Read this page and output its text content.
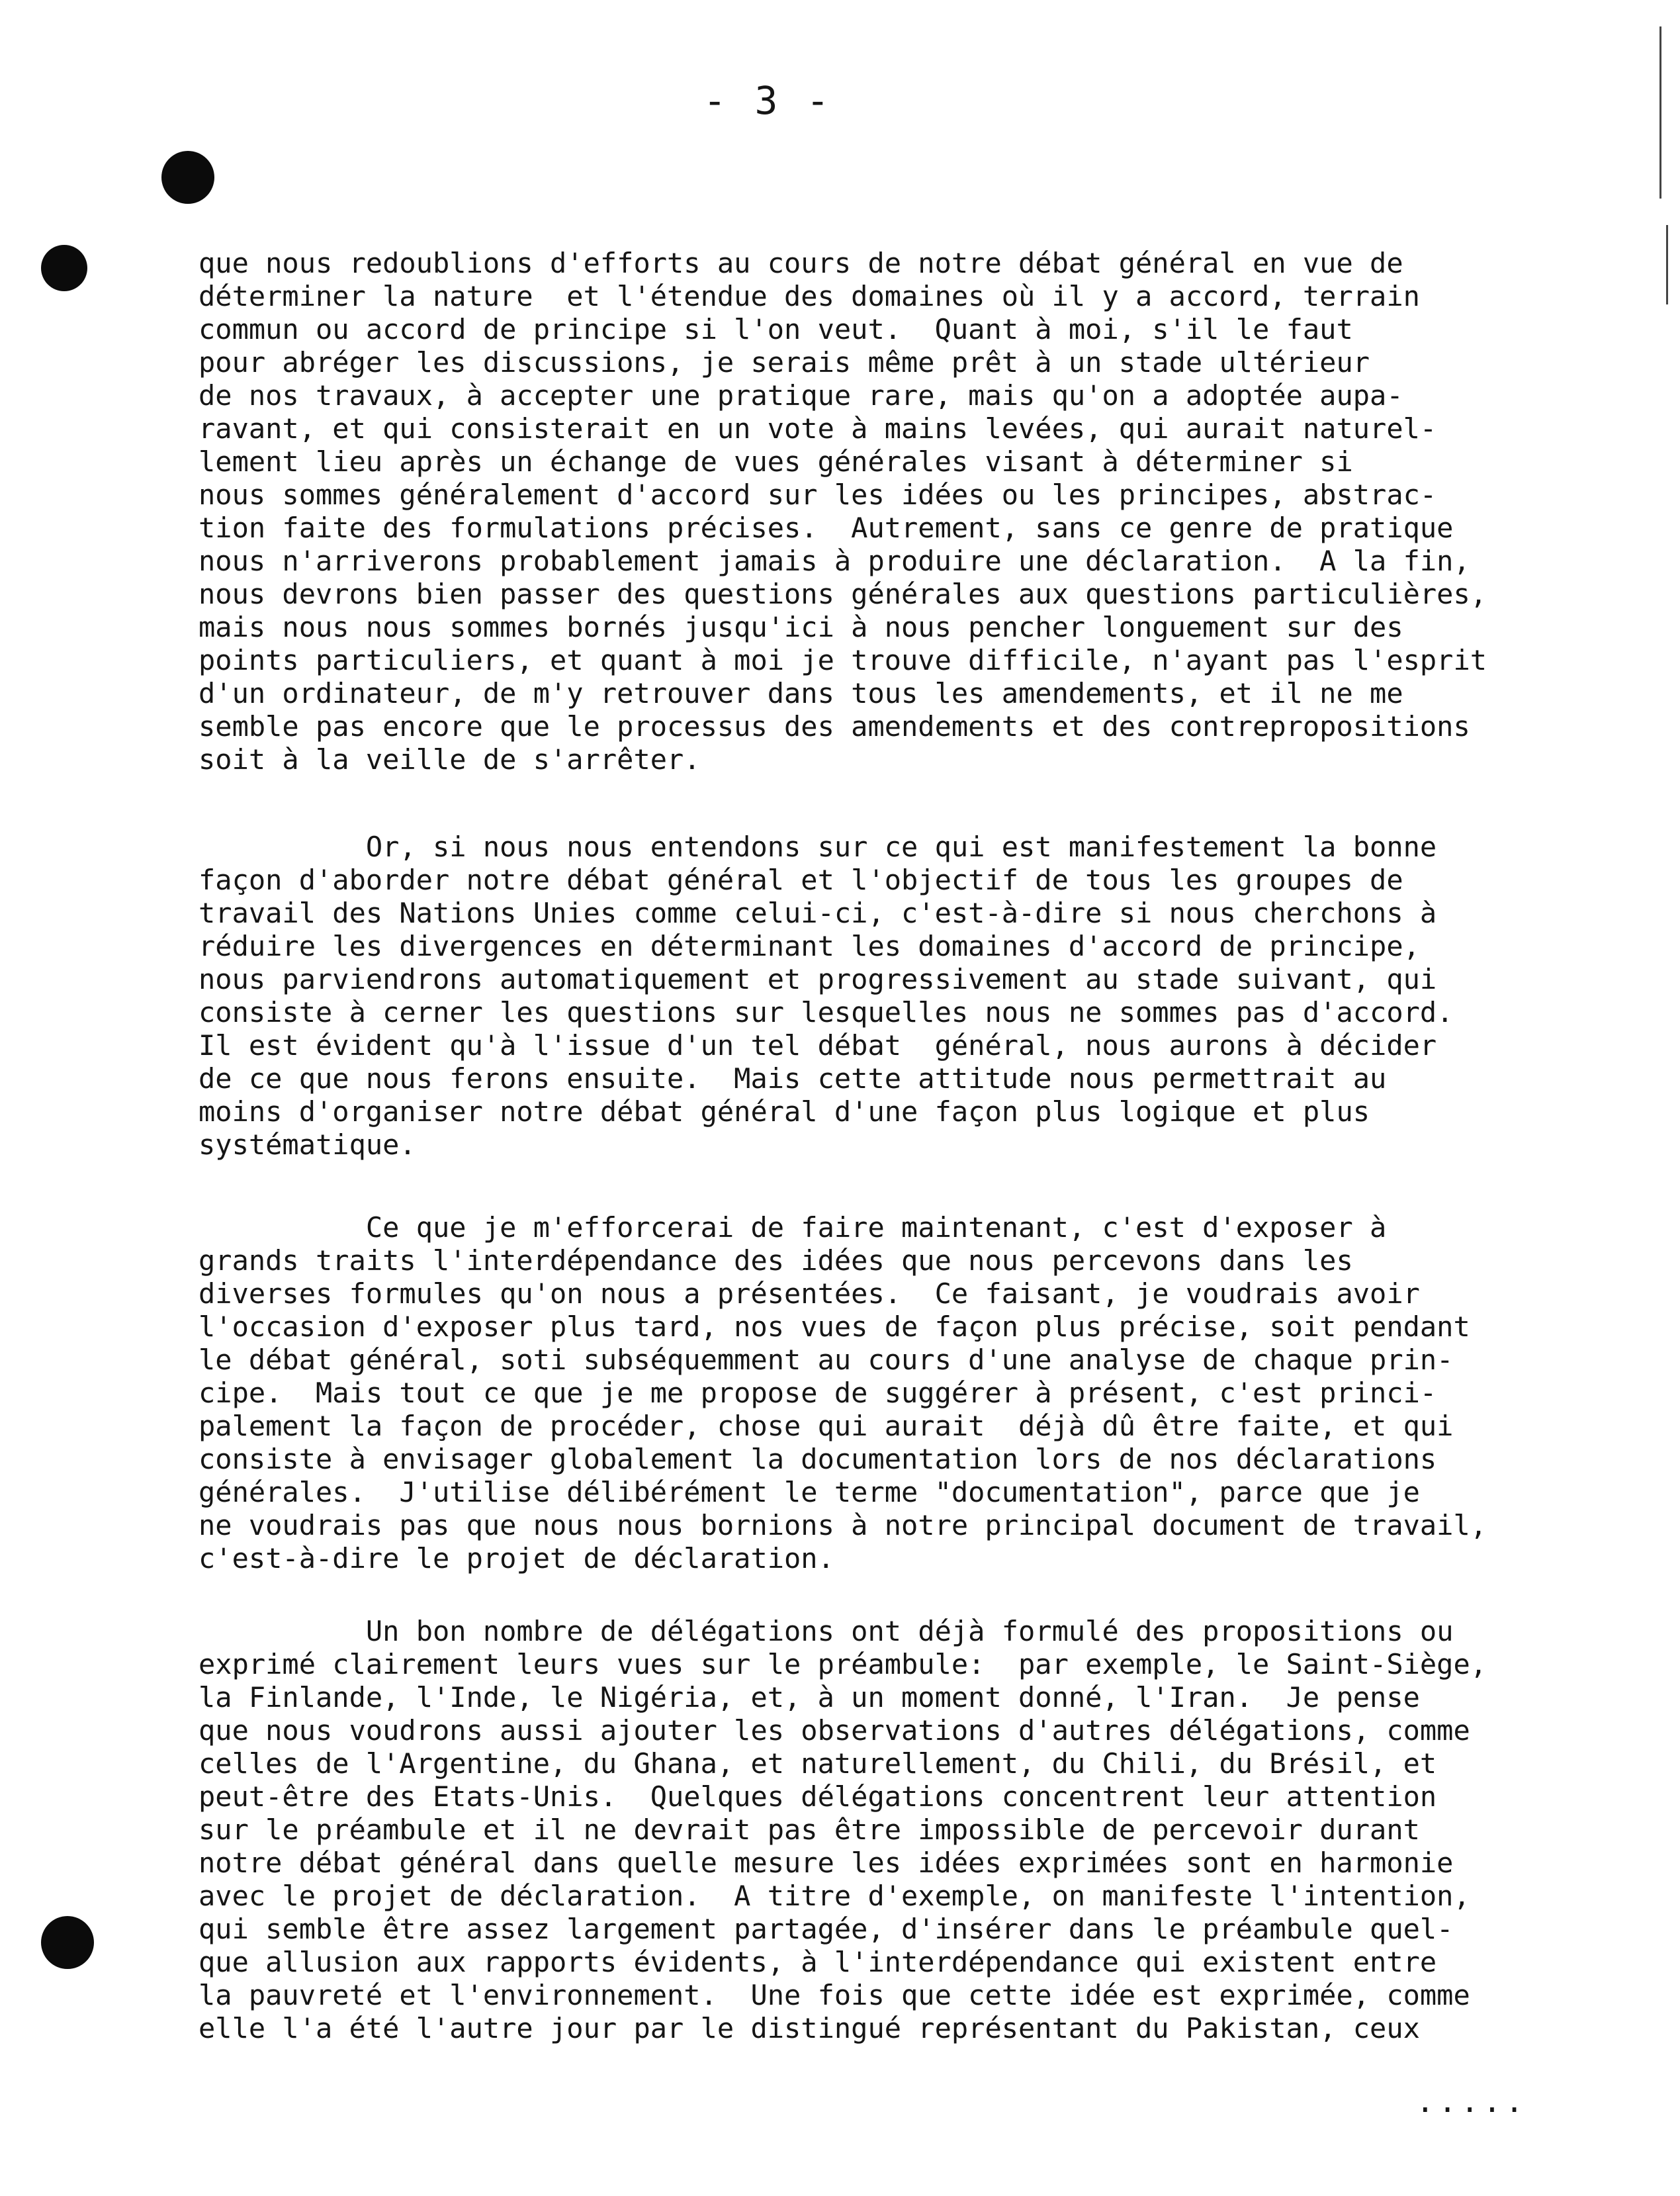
- 3 -
que nous redoublions d'efforts au cours de notre débat général en vue de
déterminer la nature  et l'étendue des domaines où il y a accord, terrain
commun ou accord de principe si l'on veut.  Quant à moi, s'il le faut
pour abréger les discussions, je serais même prêt à un stade ultérieur
de nos travaux, à accepter une pratique rare, mais qu'on a adoptée aupa-
ravant, et qui consisterait en un vote à mains levées, qui aurait naturel-
lement lieu après un échange de vues générales visant à déterminer si
nous sommes généralement d'accord sur les idées ou les principes, abstrac-
tion faite des formulations précises.  Autrement, sans ce genre de pratique
nous n'arriverons probablement jamais à produire une déclaration.  A la fin,
nous devrons bien passer des questions générales aux questions particulières,
mais nous nous sommes bornés jusqu'ici à nous pencher longuement sur des
points particuliers, et quant à moi je trouve difficile, n'ayant pas l'esprit
d'un ordinateur, de m'y retrouver dans tous les amendements, et il ne me
semble pas encore que le processus des amendements et des contrepropositions
soit à la veille de s'arrêter.
Or, si nous nous entendons sur ce qui est manifestement la bonne
façon d'aborder notre débat général et l'objectif de tous les groupes de
travail des Nations Unies comme celui-ci, c'est-à-dire si nous cherchons à
réduire les divergences en déterminant les domaines d'accord de principe,
nous parviendrons automatiquement et progressivement au stade suivant, qui
consiste à cerner les questions sur lesquelles nous ne sommes pas d'accord.
Il est évident qu'à l'issue d'un tel débat  général, nous aurons à décider
de ce que nous ferons ensuite.  Mais cette attitude nous permettrait au
moins d'organiser notre débat général d'une façon plus logique et plus
systématique.
Ce que je m'efforcerai de faire maintenant, c'est d'exposer à
grands traits l'interdépendance des idées que nous percevons dans les
diverses formules qu'on nous a présentées.  Ce faisant, je voudrais avoir
l'occasion d'exposer plus tard, nos vues de façon plus précise, soit pendant
le débat général, soti subséquemment au cours d'une analyse de chaque prin-
cipe.  Mais tout ce que je me propose de suggérer à présent, c'est princi-
palement la façon de procéder, chose qui aurait  déjà dû être faite, et qui
consiste à envisager globalement la documentation lors de nos déclarations
générales.  J'utilise délibérément le terme "documentation", parce que je
ne voudrais pas que nous nous bornions à notre principal document de travail,
c'est-à-dire le projet de déclaration.
Un bon nombre de délégations ont déjà formulé des propositions ou
exprimé clairement leurs vues sur le préambule:  par exemple, le Saint-Siège,
la Finlande, l'Inde, le Nigéria, et, à un moment donné, l'Iran.  Je pense
que nous voudrons aussi ajouter les observations d'autres délégations, comme
celles de l'Argentine, du Ghana, et naturellement, du Chili, du Brésil, et
peut-être des Etats-Unis.  Quelques délégations concentrent leur attention
sur le préambule et il ne devrait pas être impossible de percevoir durant
notre débat général dans quelle mesure les idées exprimées sont en harmonie
avec le projet de déclaration.  A titre d'exemple, on manifeste l'intention,
qui semble être assez largement partagée, d'insérer dans le préambule quel-
que allusion aux rapports évidents, à l'interdépendance qui existent entre
la pauvreté et l'environnement.  Une fois que cette idée est exprimée, comme
elle l'a été l'autre jour par le distingué représentant du Pakistan, ceux
.....
